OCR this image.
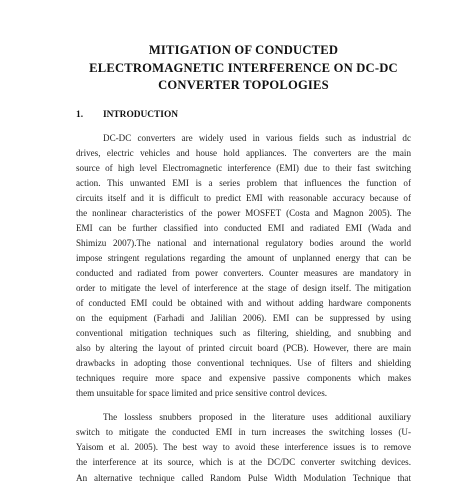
MITIGATION OF CONDUCTED
ELECTROMAGNETIC INTERFERENCE ON DC-DC
CONVERTER TOPOLOGIES
1.	INTRODUCTION

DC-DC converters are widely used in various fields such as industrial dc
drives, electric vehicles and house hold appliances. The converters are the main
source of high level Electromagnetic interference (EMI) due to their fast switching
action. This unwanted EMI is a series problem that influences the function of
circuits itself and it is difficult to predict EMI with reasonable accuracy because of
the nonlinear characteristics of the power MOSFET (Costa and Magnon 2005). The
EMI can be further classified into conducted EMI and radiated EMI (Wada and
Shimizu 2007).The national and international regulatory bodies around the world
impose stringent regulations regarding the amount of unplanned energy that can be
conducted and radiated from power converters. Counter measures are mandatory in
order to mitigate the level of interference at the stage of design itself. The mitigation
of conducted EMI could be obtained with and without adding hardware components
on the equipment (Farhadi and Jalilian 2006). EMI can be suppressed by using
conventional mitigation techniques such as filtering, shielding, and snubbing and
also by altering the layout of printed circuit board (PCB). However, there are main
drawbacks in adopting those conventional techniques. Use of filters and shielding
techniques require more space and expensive passive components which makes
them unsuitable for space limited and price sensitive control devices.

The lossless snubbers proposed in the literature uses additional auxiliary
switch to mitigate the conducted EMI in turn increases the switching losses (U-
Yaisom et al. 2005). The best way to avoid these interference issues is to remove
the interference at its source, which is at the DC/DC converter switching devices.
An alternative technique called Random Pulse Width Modulation Technique that
